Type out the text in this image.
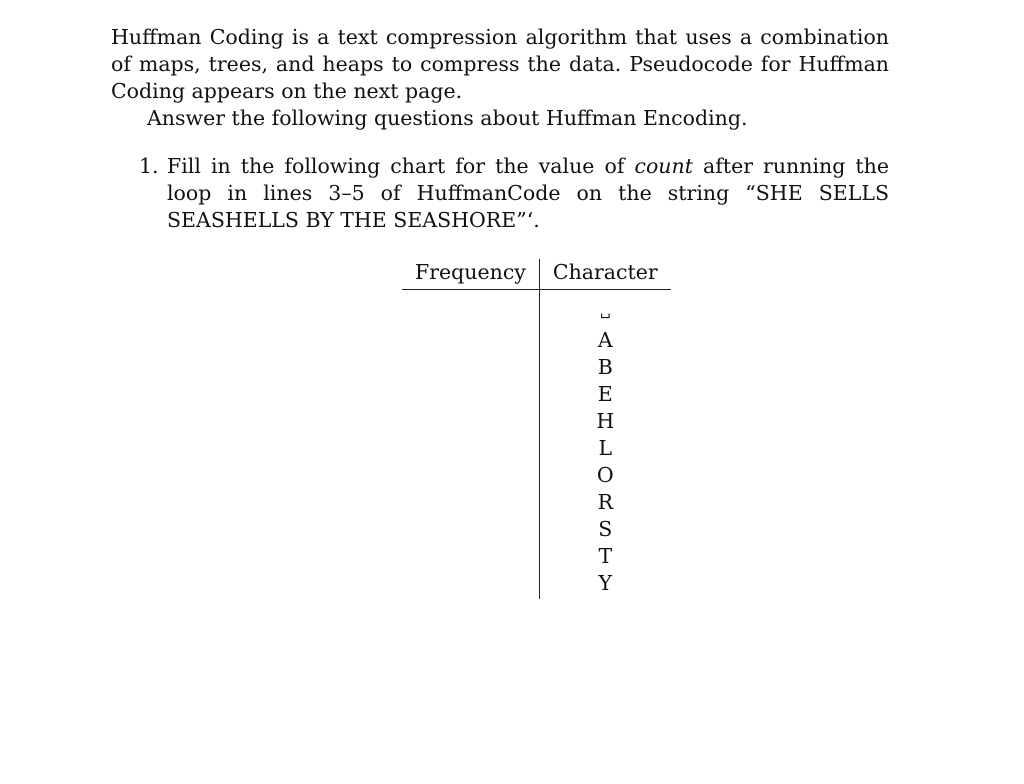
Huffman Coding is a text compression algorithm that uses a combination of maps, trees, and heaps to compress the data. Pseudocode for Huffman Coding appears on the next page.

Answer the following questions about Huffman Encoding.

1. Fill in the following chart for the value of count after running the loop in lines 3–5 of HuffmanCode on the string “SHE SELLS SEASHELLS BY THE SEASHORE”‘.
Frequency	Character
	␣
	A
	B
	E
	H
	L
	O
	R
	S
	T
	Y
